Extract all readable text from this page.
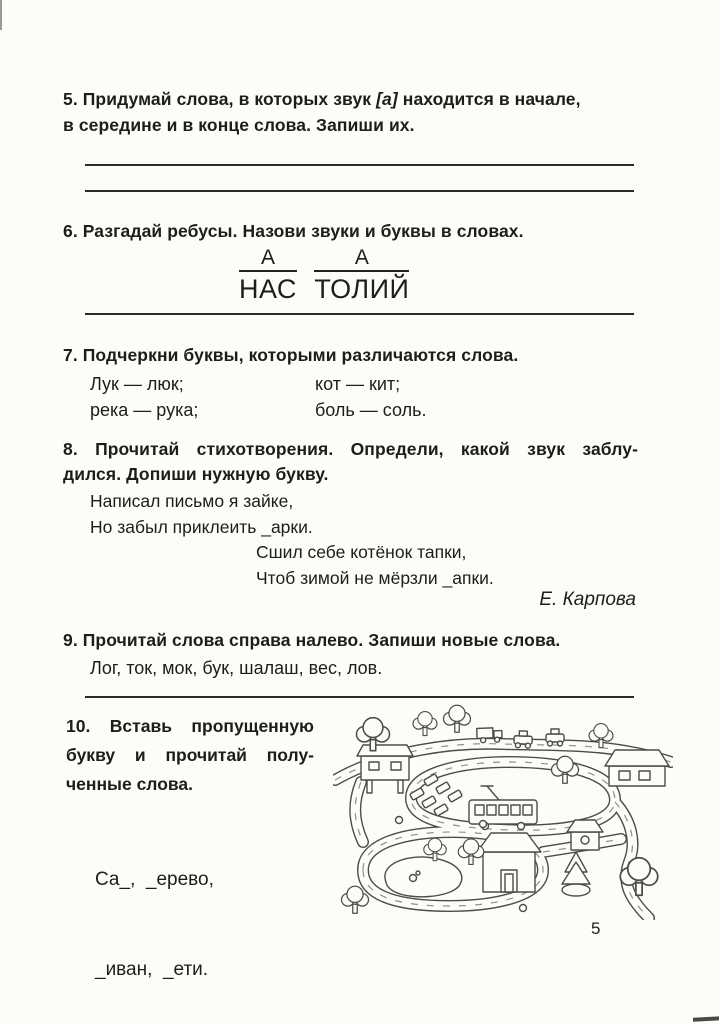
5. Придумай слова, в которых звук [а] находится в начале,
в середине и в конце слова. Запиши их.
6. Разгадай ребусы. Назови звуки и буквы в словах.
$\frac{А}{\text{НАС}}$
$\frac{А}{\text{ТОЛИЙ}}$
7. Подчеркни буквы, которыми различаются слова.
Лук — люк;	кот — кит;
река — рука;	боль — соль.
8. Прочитай стихотворения. Определи, какой звук заблу-
дился. Допиши нужную букву.
Написал письмо я зайке,
Но забыл приклеить _арки.
Сшил себе котёнок тапки,
Чтоб зимой не мёрзли _апки.
Е. Карпова
9. Прочитай слова справа налево. Запиши новые слова.
Лог, ток, мок, бук, шалаш, вес, лов.
10. Вставь пропущенную
букву и прочитай полу-
ченные слова.

Са_,  _ерево,

_иван,  _ети.

5
